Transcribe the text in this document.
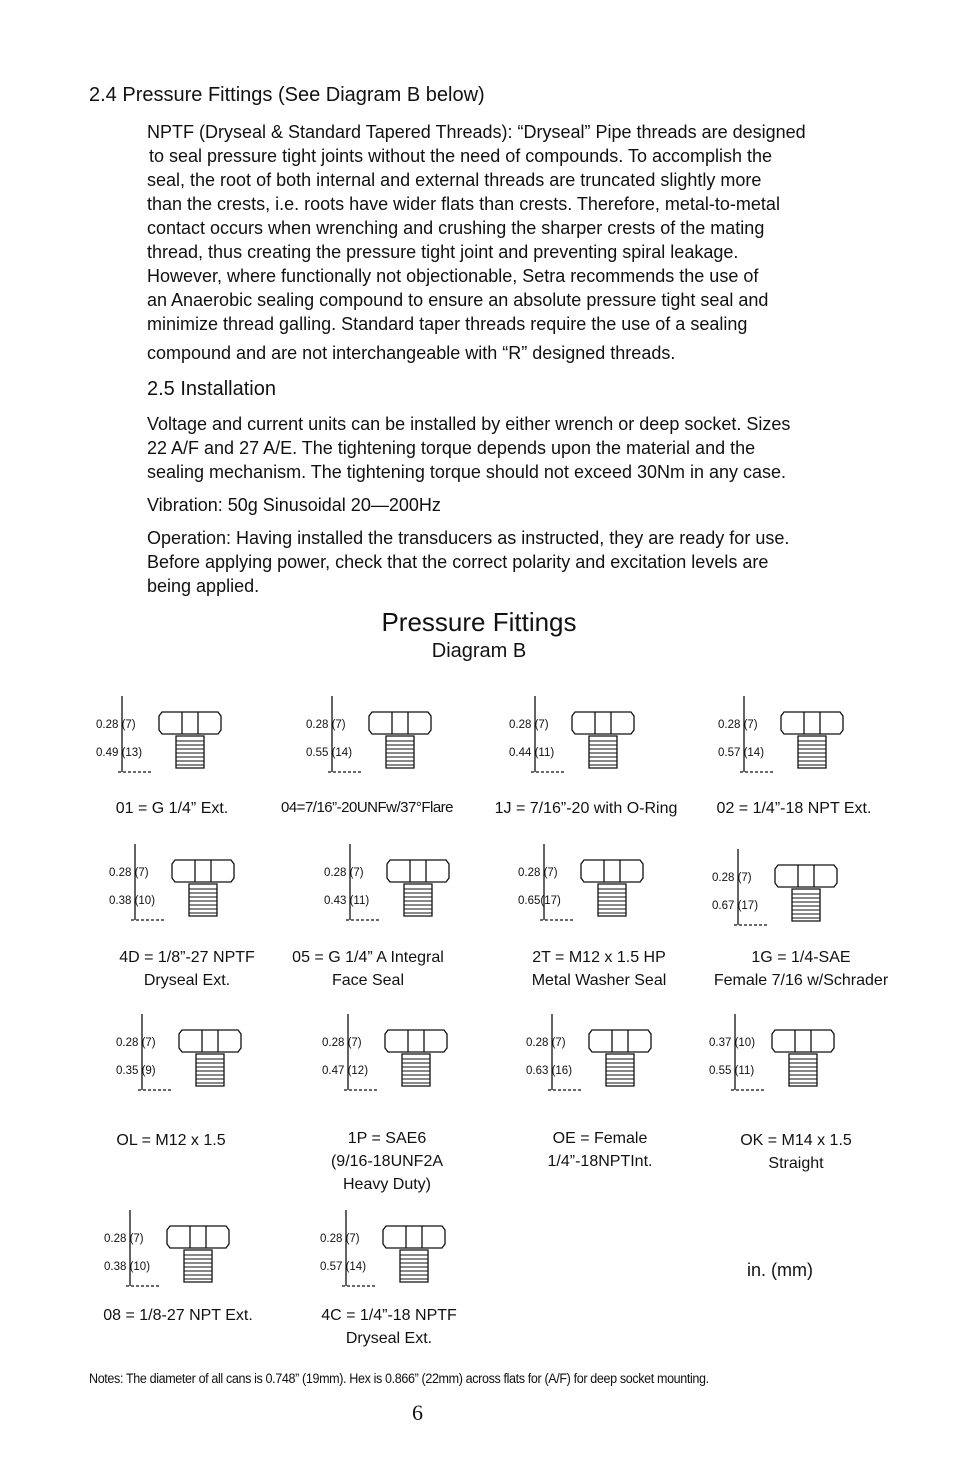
2.4 Pressure Fittings (See Diagram B below)

NPTF (Dryseal & Standard Tapered Threads): “Dryseal” Pipe threads are designed

to seal pressure tight joints without the need of compounds. To accomplish the

seal, the root of both internal and external threads are truncated slightly more

than the crests, i.e. roots have wider flats than crests. Therefore, metal-to-metal

contact occurs when wrenching and crushing the sharper crests of the mating

thread, thus creating the pressure tight joint and preventing spiral leakage.

However, where functionally not objectionable, Setra recommends the use of

an Anaerobic sealing compound to ensure an absolute pressure tight seal and

minimize thread galling. Standard taper threads require the use of a sealing

compound and are not interchangeable with “R” designed threads.

2.5 Installation

Voltage and current units can be installed by either wrench or deep socket. Sizes

22 A/F and 27 A/E. The tightening torque depends upon the material and the

sealing mechanism. The tightening torque should not exceed 30Nm in any case.

Vibration: 50g Sinusoidal 20—200Hz

Operation: Having installed the transducers as instructed, they are ready for use.

Before applying power, check that the correct polarity and excitation levels are

being applied.

Pressure Fittings
Diagram B
0.28 (7)
0.49 (13)
0.28 (7)
0.55 (14)
0.28 (7)
0.44 (11)
0.28 (7)
0.57 (14)
0.28 (7)
0.38 (10)
0.28 (7)
0.43 (11)
0.28 (7)
0.65(17)
0.28 (7)
0.67 (17)
0.28 (7)
0.35 (9)
0.28 (7)
0.47 (12)
0.28 (7)
0.63 (16)
0.37 (10)
0.55 (11)
0.28 (7)
0.38 (10)
0.28 (7)
0.57 (14)
01 = G 1/4” Ext.	04=7/16”-20UNFw/37°Flare	1J = 7/16”-20 with O-Ring	02 = 1/4”-18 NPT Ext.
4D = 1/8”-27 NPTF
Dryseal Ext.
05 = G 1/4” A Integral
Face Seal
2T = M12 x 1.5 HP
Metal Washer Seal
1G = 1/4-SAE
Female 7/16 w/Schrader
OL = M12 x 1.5	1P = SAE6
(9/16-18UNF2A
Heavy Duty)
OE = Female
1/4”-18NPTInt.
OK = M14 x 1.5
Straight
08 = 1/8-27 NPT Ext.	4C = 1/4”-18 NPTF
Dryseal Ext.
in. (mm)
Notes: The diameter of all cans is 0.748” (19mm). Hex is 0.866” (22mm) across flats for (A/F) for deep socket mounting.
6
